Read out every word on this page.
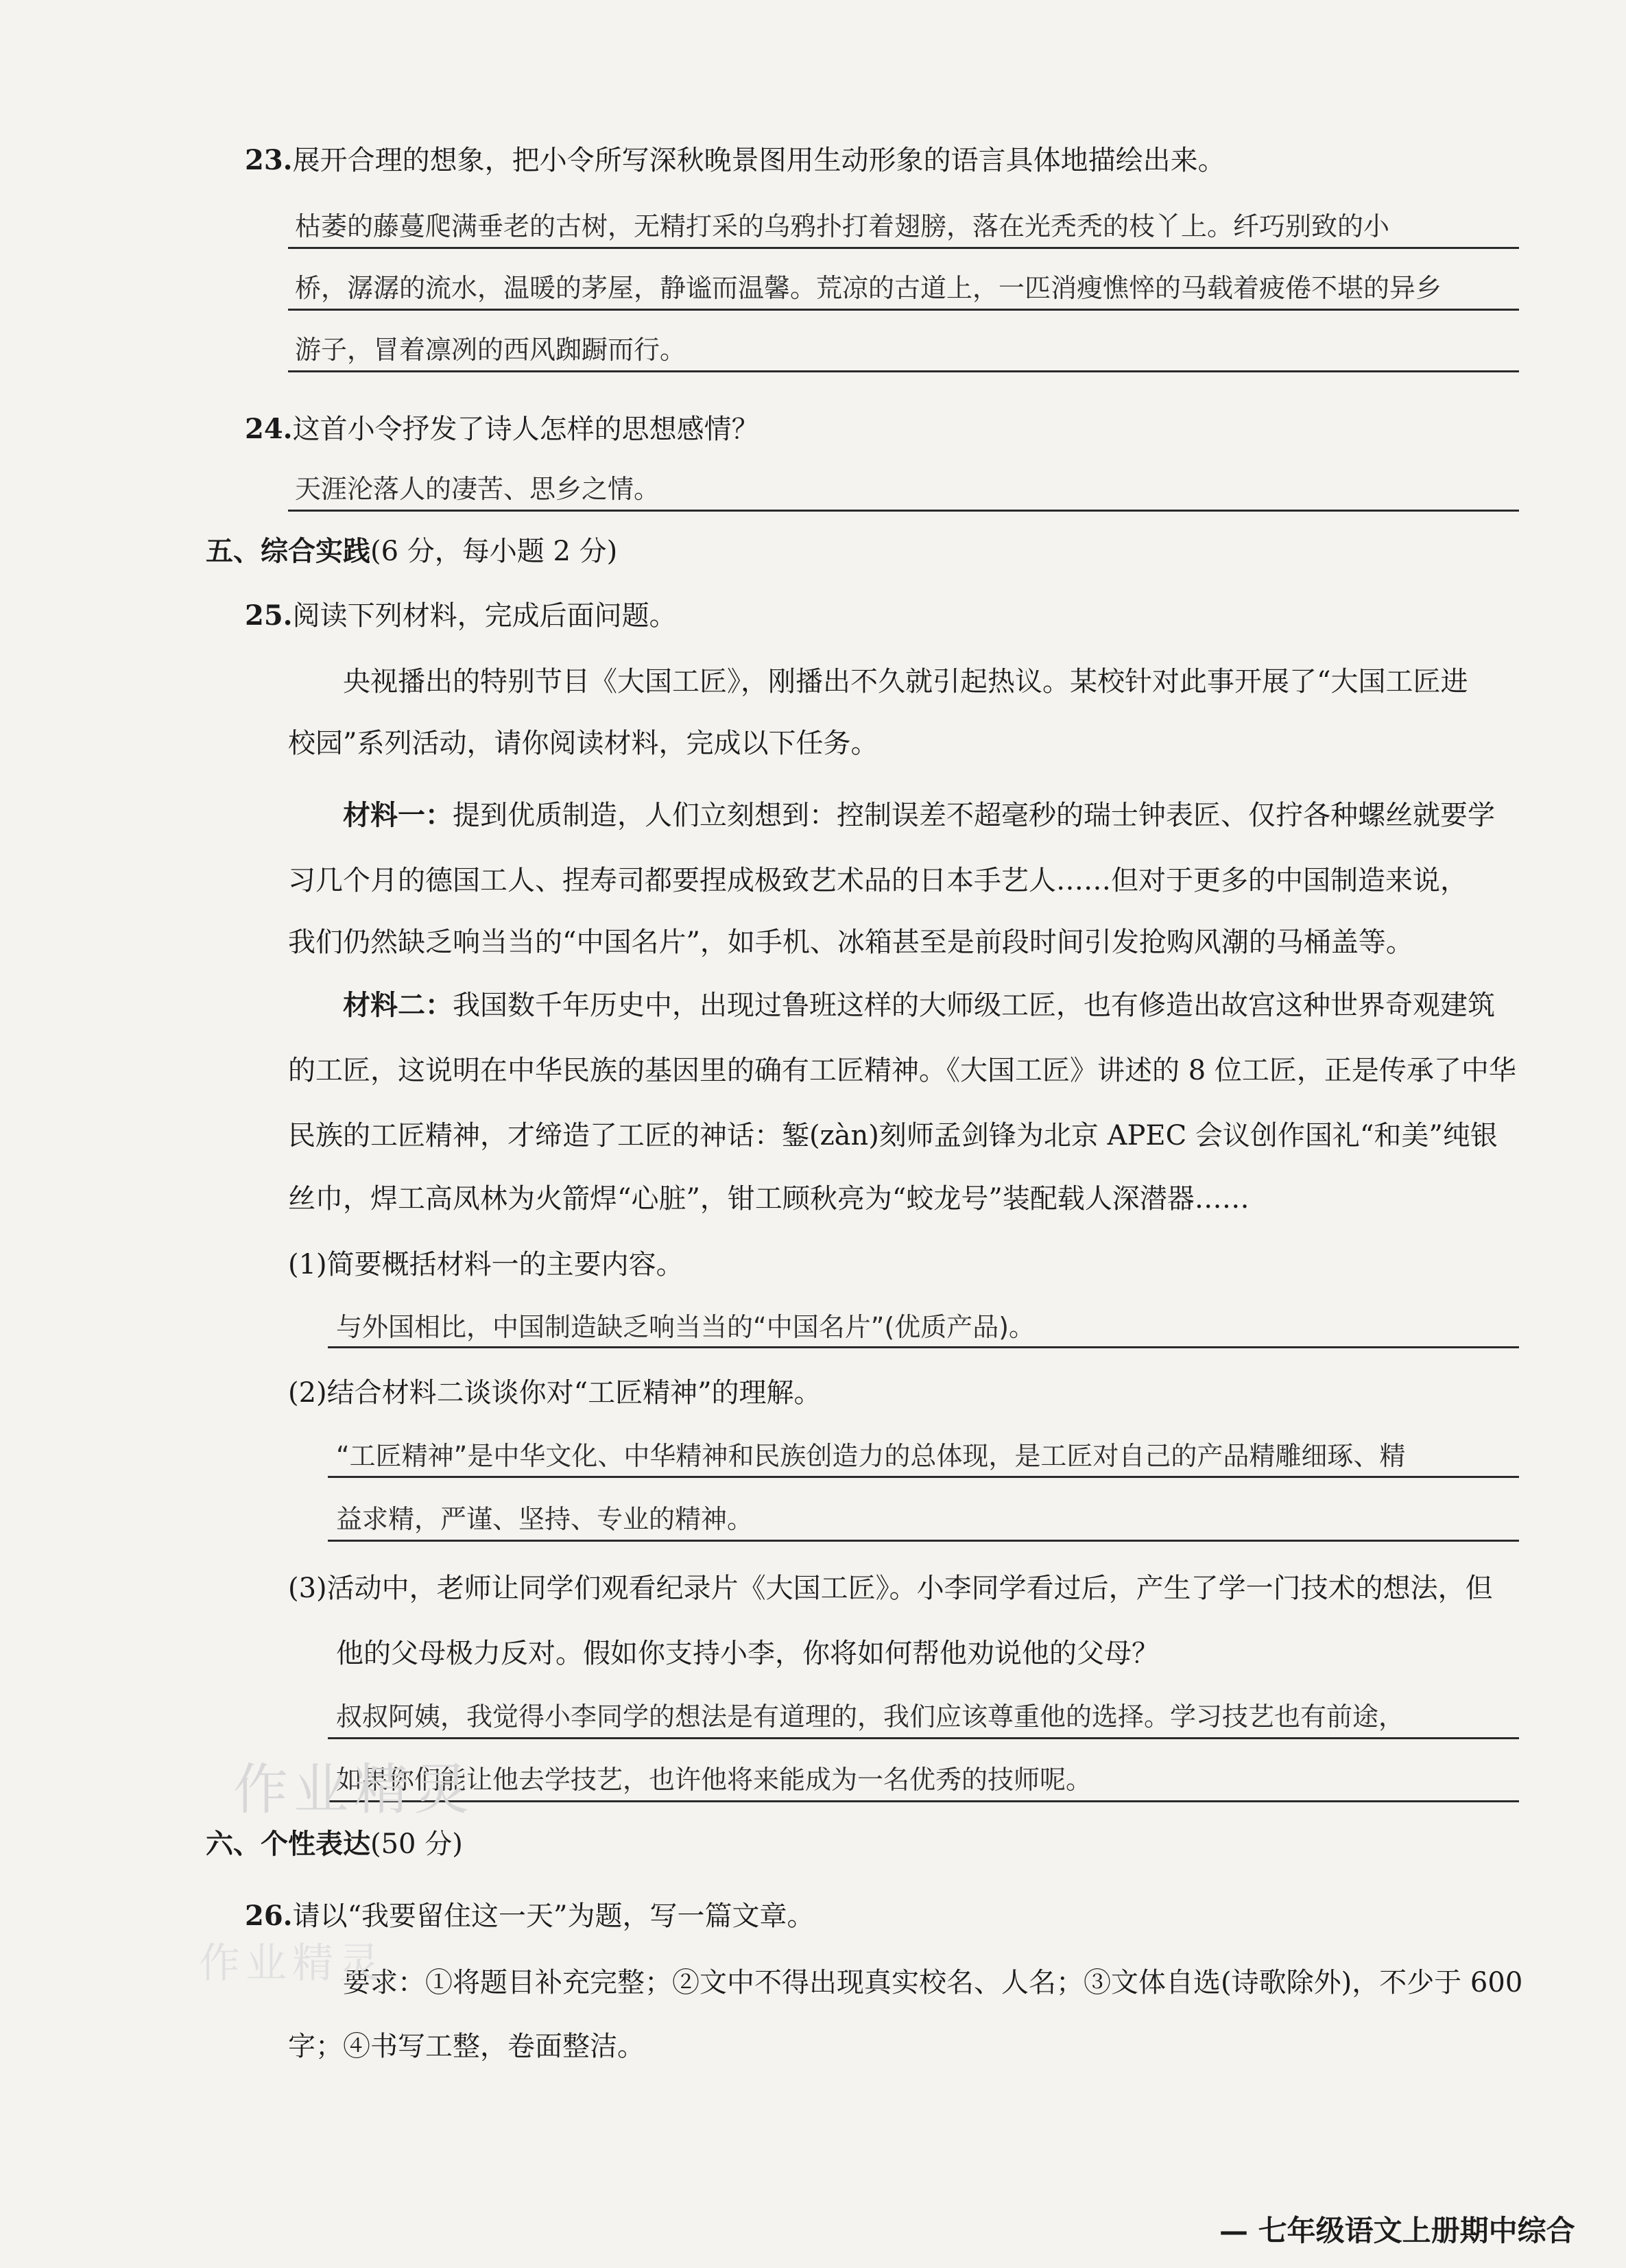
23.展开合理的想象，把小令所写深秋晚景图用生动形象的语言具体地描绘出来。
枯萎的藤蔓爬满垂老的古树，无精打采的乌鸦扑打着翅膀，落在光秃秃的枝丫上。纤巧别致的小
桥，潺潺的流水，温暖的茅屋，静谧而温馨。荒凉的古道上，一匹消瘦憔悴的马载着疲倦不堪的异乡
游子，冒着凛冽的西风踟蹰而行。
24.这首小令抒发了诗人怎样的思想感情？
天涯沦落人的凄苦、思乡之情。
五、综合实践(6 分，每小题 2 分)
25.阅读下列材料，完成后面问题。
央视播出的特别节目《大国工匠》，刚播出不久就引起热议。某校针对此事开展了“大国工匠进
校园”系列活动，请你阅读材料，完成以下任务。
材料一：提到优质制造，人们立刻想到：控制误差不超毫秒的瑞士钟表匠、仅拧各种螺丝就要学
习几个月的德国工人、捏寿司都要捏成极致艺术品的日本手艺人……但对于更多的中国制造来说，
我们仍然缺乏响当当的“中国名片”，如手机、冰箱甚至是前段时间引发抢购风潮的马桶盖等。
材料二：我国数千年历史中，出现过鲁班这样的大师级工匠，也有修造出故宫这种世界奇观建筑
的工匠，这说明在中华民族的基因里的确有工匠精神。《大国工匠》讲述的 8 位工匠，正是传承了中华
民族的工匠精神，才缔造了工匠的神话：錾(zàn)刻师孟剑锋为北京 APEC 会议创作国礼“和美”纯银
丝巾，焊工高凤林为火箭焊“心脏”，钳工顾秋亮为“蛟龙号”装配载人深潜器……
(1)简要概括材料一的主要内容。
与外国相比，中国制造缺乏响当当的“中国名片”(优质产品)。
(2)结合材料二谈谈你对“工匠精神”的理解。
“工匠精神”是中华文化、中华精神和民族创造力的总体现，是工匠对自己的产品精雕细琢、精
益求精，严谨、坚持、专业的精神。
(3)活动中，老师让同学们观看纪录片《大国工匠》。小李同学看过后，产生了学一门技术的想法，但
他的父母极力反对。假如你支持小李，你将如何帮他劝说他的父母？
叔叔阿姨，我觉得小李同学的想法是有道理的，我们应该尊重他的选择。学习技艺也有前途，
如果你们能让他去学技艺，也许他将来能成为一名优秀的技师呢。
六、个性表达(50 分)
26.请以“我要留住这一天”为题，写一篇文章。
要求：①将题目补充完整；②文中不得出现真实校名、人名；③文体自选(诗歌除外)，不少于 600
字；④书写工整，卷面整洁。
作业精灵
作业精灵
— 七年级语文上册期中综合
